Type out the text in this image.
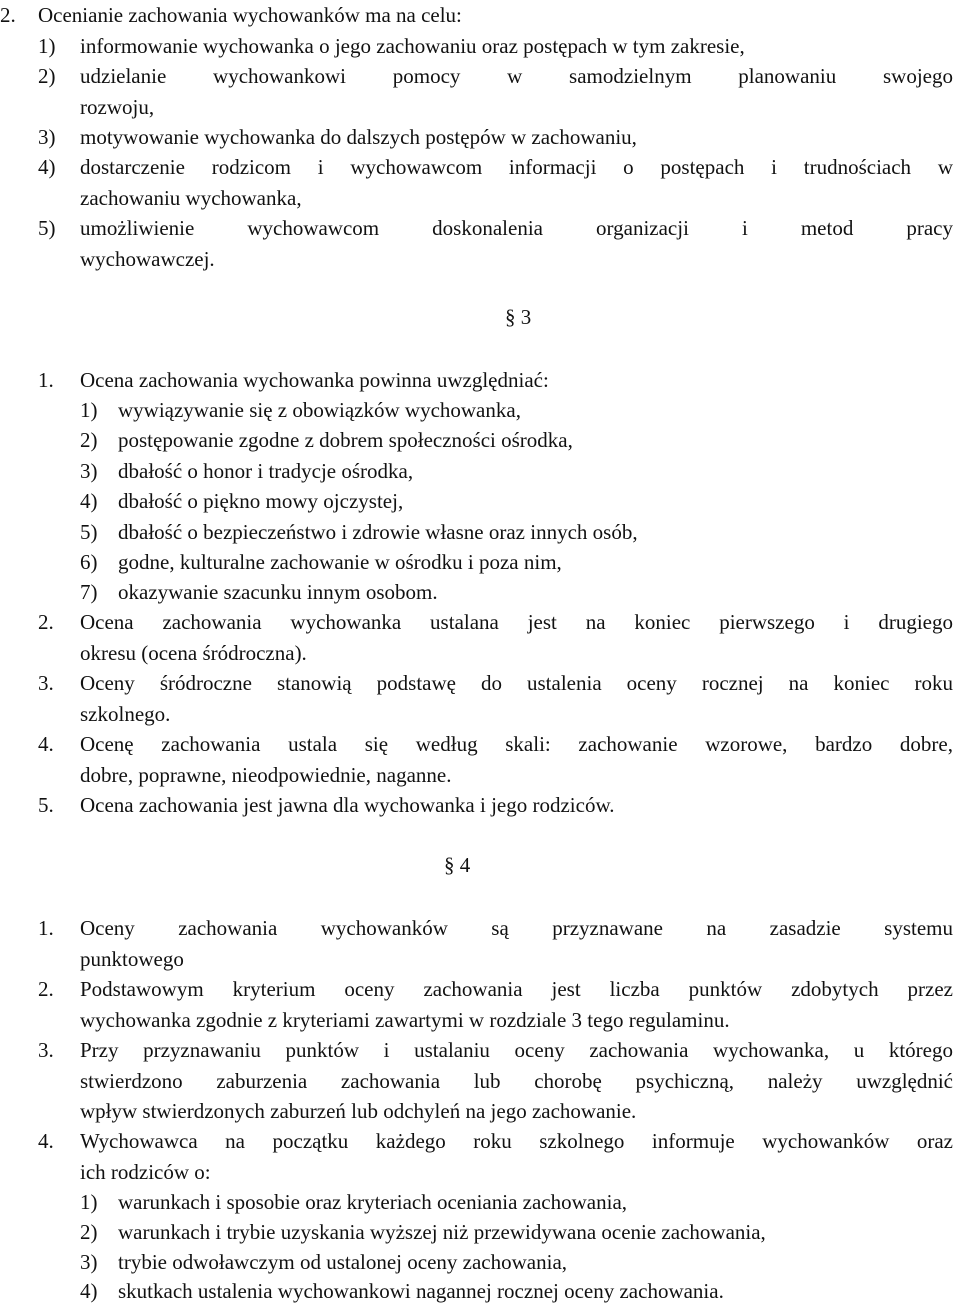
2. Ocenianie zachowania wychowanków ma na celu:
1) informowanie wychowanka o jego zachowaniu oraz postępach w tym zakresie,
2) udzielanie wychowankowi pomocy w samodzielnym planowaniu swojego
rozwoju,
3) motywowanie wychowanka do dalszych postępów w zachowaniu,
4) dostarczenie rodzicom i wychowawcom informacji o postępach i trudnościach w
zachowaniu wychowanka,
5) umożliwienie wychowawcom doskonalenia organizacji i metod pracy
wychowawczej.
§ 3
1. Ocena zachowania wychowanka powinna uwzględniać:
1) wywiązywanie się z obowiązków wychowanka,
2) postępowanie zgodne z dobrem społeczności ośrodka,
3) dbałość o honor i tradycje ośrodka,
4) dbałość o piękno mowy ojczystej,
5) dbałość o bezpieczeństwo i zdrowie własne oraz innych osób,
6) godne, kulturalne zachowanie w ośrodku i poza nim,
7) okazywanie szacunku innym osobom.
2. Ocena zachowania wychowanka ustalana jest na koniec pierwszego i drugiego
okresu (ocena śródroczna).
3. Oceny śródroczne stanowią podstawę do ustalenia oceny rocznej na koniec roku
szkolnego.
4. Ocenę zachowania ustala się według skali: zachowanie wzorowe, bardzo dobre,
dobre, poprawne, nieodpowiednie, naganne.
5. Ocena zachowania jest jawna dla wychowanka i jego rodziców.
§ 4
1. Oceny zachowania wychowanków są przyznawane na zasadzie systemu
punktowego
2. Podstawowym kryterium oceny zachowania jest liczba punktów zdobytych przez
wychowanka zgodnie z kryteriami zawartymi w rozdziale 3 tego regulaminu.
3. Przy przyznawaniu punktów i ustalaniu oceny zachowania wychowanka, u którego
stwierdzono zaburzenia zachowania lub chorobę psychiczną, należy uwzględnić
wpływ stwierdzonych zaburzeń lub odchyleń na jego zachowanie.
4. Wychowawca na początku każdego roku szkolnego informuje wychowanków oraz
ich rodziców o:
1) warunkach i sposobie oraz kryteriach oceniania zachowania,
2) warunkach i trybie uzyskania wyższej niż przewidywana ocenie zachowania,
3) trybie odwoławczym od ustalonej oceny zachowania,
4) skutkach ustalenia wychowankowi nagannej rocznej oceny zachowania.
